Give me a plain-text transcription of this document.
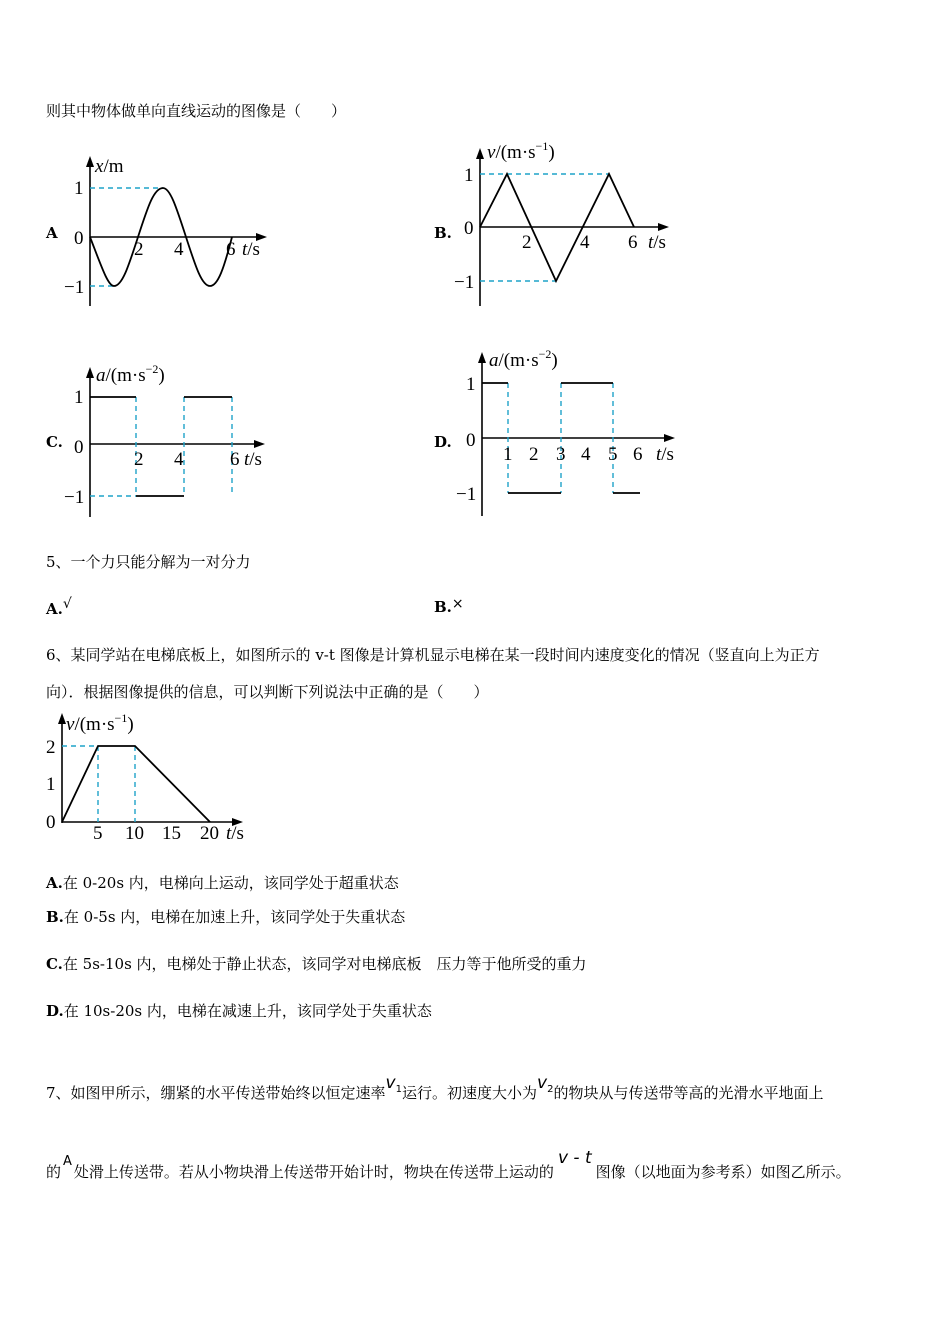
则其中物体做单向直线运动的图像是（　　）
A
x/m
1
0
−1
2 4 6 t/s
B.
$v/(m\cdot s^{-1})$
1
0
−1
2	4 6 t/s
C.
$a/(m\cdot s^{-2})$
1
0
−1
2 4 6 t/s
D.
$a/(m\cdot s^{-2})$
1
0
−1
1 2 3 4 5 6 t/s
5、一个力只能分解为一对分力
A.√	B.×
6、某同学站在电梯底板上，如图所示的 v-t 图像是计算机显示电梯在某一段时间内速度变化的情况（竖直向上为正方
向）．根据图像提供的信息，可以判断下列说法中正确的是（　　）
$v/(m\cdot s^{-1})$
2
1
0
5 10 15 20 t/s
A.在 0-20s 内，电梯向上运动，该同学处于超重状态
B.在 0-5s 内，电梯在加速上升，该同学处于失重状态
C.在 5s-10s 内，电梯处于静止状态，该同学对电梯底板　压力等于他所受的重力
D.在 10s-20s 内，电梯在减速上升，该同学处于失重状态
7、如图甲所示，绷紧的水平传送带始终以恒定速率$v^1$运行。初速度大小为$v^2$的物块从与传送带等高的光滑水平地面上
的A处滑上传送带。若从小物块滑上传送带开始计时，物块在传送带上运动的v - t图像（以地面为参考系）如图乙所示。
